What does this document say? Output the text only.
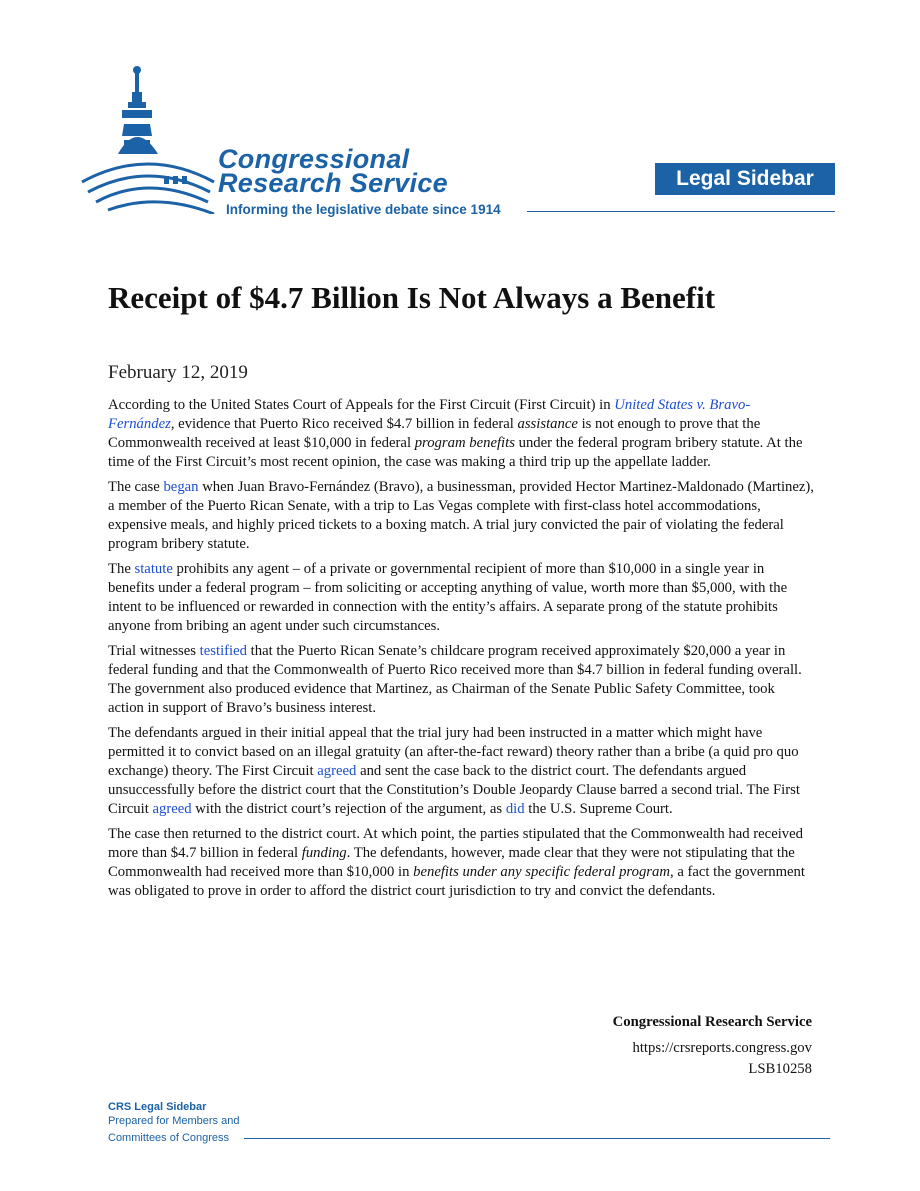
Congressional
Research Service
Informing the legislative debate since 1914
Legal Sidebar
Receipt of $4.7 Billion Is Not Always a Benefit
February 12, 2019

According to the United States Court of Appeals for the First Circuit (First Circuit) in United States v. Bravo-Fernández, evidence that Puerto Rico received $4.7 billion in federal assistance is not enough to prove that the Commonwealth received at least $10,000 in federal program benefits under the federal program bribery statute. At the time of the First Circuit’s most recent opinion, the case was making a third trip up the appellate ladder.

The case began when Juan Bravo-Fernández (Bravo), a businessman, provided Hector Martinez-Maldonado (Martinez), a member of the Puerto Rican Senate, with a trip to Las Vegas complete with first-class hotel accommodations, expensive meals, and highly priced tickets to a boxing match. A trial jury convicted the pair of violating the federal program bribery statute.

The statute prohibits any agent – of a private or governmental recipient of more than $10,000 in a single year in benefits under a federal program – from soliciting or accepting anything of value, worth more than $5,000, with the intent to be influenced or rewarded in connection with the entity’s affairs. A separate prong of the statute prohibits anyone from bribing an agent under such circumstances.

Trial witnesses testified that the Puerto Rican Senate’s childcare program received approximately $20,000 a year in federal funding and that the Commonwealth of Puerto Rico received more than $4.7 billion in federal funding overall. The government also produced evidence that Martinez, as Chairman of the Senate Public Safety Committee, took action in support of Bravo’s business interest.

The defendants argued in their initial appeal that the trial jury had been instructed in a matter which might have permitted it to convict based on an illegal gratuity (an after-the-fact reward) theory rather than a bribe (a quid pro quo exchange) theory. The First Circuit agreed and sent the case back to the district court. The defendants argued unsuccessfully before the district court that the Constitution’s Double Jeopardy Clause barred a second trial. The First Circuit agreed with the district court’s rejection of the argument, as did the U.S. Supreme Court.

The case then returned to the district court. At which point, the parties stipulated that the Commonwealth had received more than $4.7 billion in federal funding. The defendants, however, made clear that they were not stipulating that the Commonwealth had received more than $10,000 in benefits under any specific federal program, a fact the government was obligated to prove in order to afford the district court jurisdiction to try and convict the defendants.

Congressional Research Service
https://crsreports.congress.gov
LSB10258
CRS Legal Sidebar
Prepared for Members and
Committees of Congress
